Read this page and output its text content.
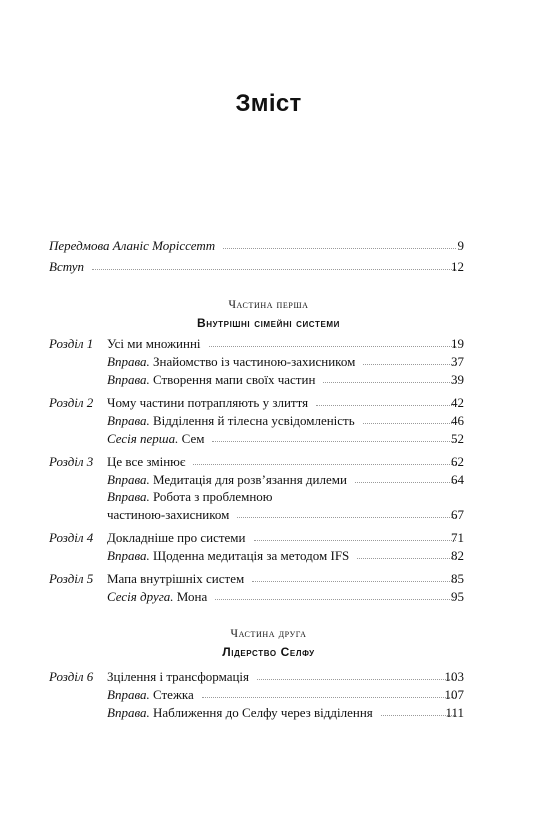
Зміст
Передмова Аланіс Моріссетт	9
Вступ	12
Частина перша
Внутрішні сімейні системи
Розділ 1 Усі ми множинні	19
Вправа. Знайомство із частиною-захисником	37
Вправа. Створення мапи своїх частин	39
Розділ 2 Чому частини потрапляють у злиття	42
Вправа. Відділення й тілесна усвідомленість	46
Сесія перша. Сем	52
Розділ 3 Це все змінює	62
Вправа. Медитація для розв’язання дилеми	64
Вправа. Робота з проблемною
частиною-захисником	67
Розділ 4 Докладніше про системи	71
Вправа. Щоденна медитація за методом IFS	82
Розділ 5 Мапа внутрішніх систем	85
Сесія друга. Мона	95
Частина друга
Лідерство Селфу
Розділ 6 Зцілення і трансформація	103
Вправа. Стежка	107
Вправа. Наближення до Селфу через відділення	111
